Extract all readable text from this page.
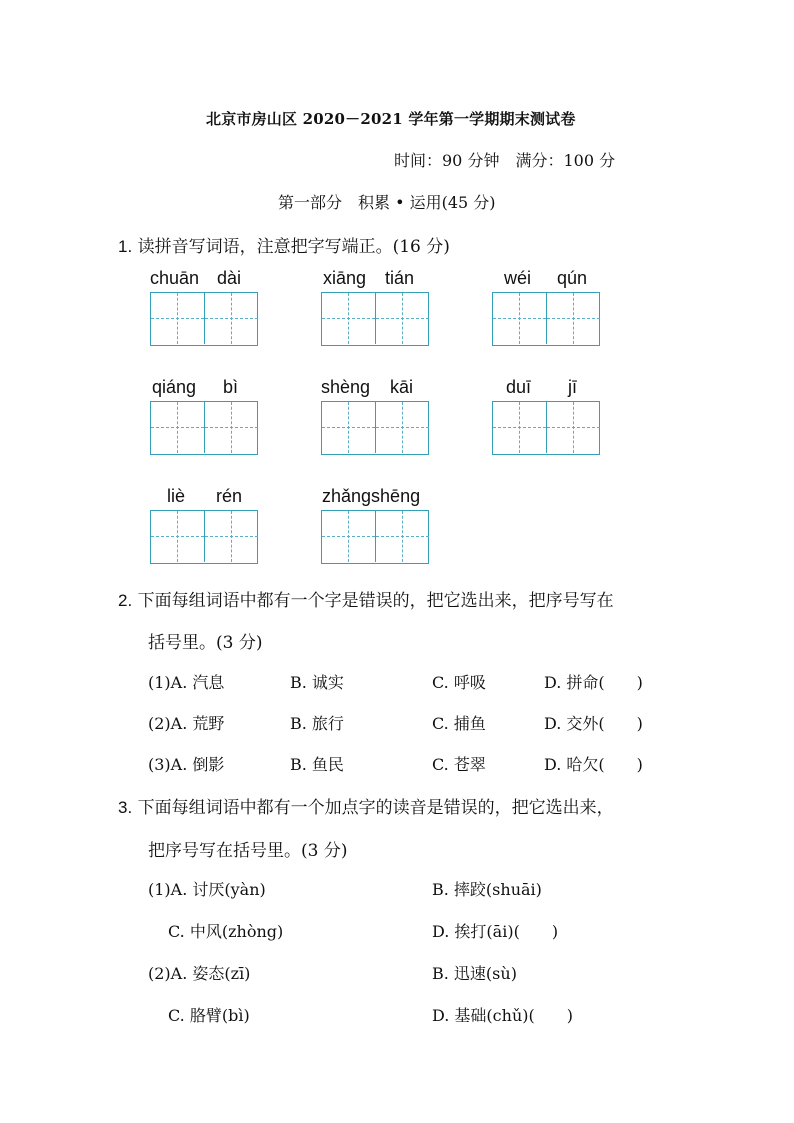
北京市房山区 2020－2021 学年第一学期期末测试卷
时间：90 分钟 满分：100 分
第一部分　积累 • 运用(45 分)
1. 读拼音写词语，注意把字写端正。(16 分)
chuān dài	xiāng tián	wéi qún
qiáng bì	shèng kāi	duī jī
liè rén	zhǎngshēng
2. 下面每组词语中都有一个字是错误的，把它选出来，把序号写在
括号里。(3 分)
(1)A. 汽息	B. 诚实	C. 呼吸	D. 拼命(　　)
(2)A. 荒野	B. 旅行	C. 捕鱼	D. 交外(　　)
(3)A. 倒影	B. 鱼民	C. 苍翠	D. 哈欠(　　)
3. 下面每组词语中都有一个加点字的读音是错误的，把它选出来，
把序号写在括号里。(3 分)
(1)A. 讨厌(yàn)	B. 摔跤(shuāi)
C. 中风(zhòng)	D. 挨打(āi)(　　)
(2)A. 姿态(zī)	B. 迅速(sù)
C. 胳臂(bì)	D. 基础(chǔ)(　　)
